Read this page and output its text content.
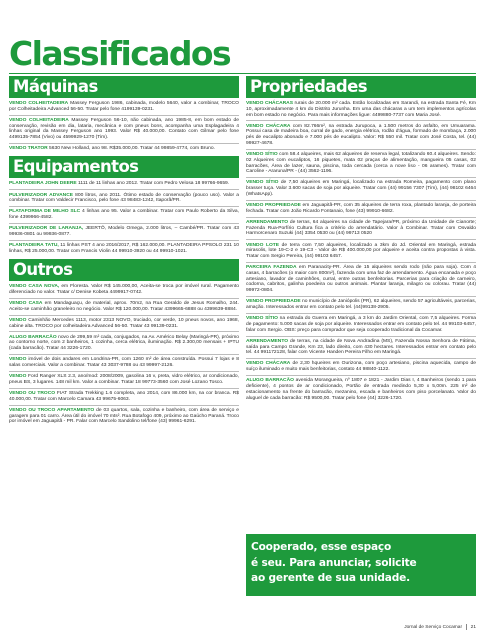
Classificados
Máquinas

VENDO COLHEITADEIRA Massey Ferguson 1986, cabinada, modelo 5640, valor a combinar, TROCO por Colheitadeira Advanced 56-50. Tratar pelo fone 4199139-0231.

VENDO COLHEITADEIRA Massey Ferguson 56-10, não cabinada, ano 1985-8, em bom estado de conservação, revisão em dia, lataria, mecânica e com pneus bons, acompanha uma Esplagadeira 4 linhas original da Massey Ferguson ano 1993. Valor R$ 40.000,00. Contato com Gilmar pelo fone 4499135-7854 (Vivo) ou 4599929-1270 (Tim).

VENDO TRATOR 5630 New Holland, ano 98. R$35.000,00. Tratar 44 99859-4774, com Bruno.

Equipamentos

PLANTADEIRA JOHN DEERE 1111 de 11 linhas ano 2012. Tratar com Pedro Velosa 18 99766-9659.

PULVERIZADOR ADVANCE 800 litros, ano 2011. Ótimo estado de conservação (pouco uso). Valor a combinar. Tratar com Valdecir Francisco, pelo fone 43 98483-1242, Itaporã/PR.

PLATAFORMA DE MILHO SLC 4 linhas ano 95. Valor a combinar. Tratar com Paulo Roberto da Silva, fone 4399966-4582.

PULVERIZADOR DE LARANJA, JEERTÔ, Modelo Omega, 2.000 litros, – Cambé/PR. Tratar com 43 99936-0801 ou 99936-0877.

PLANTADEIRA TATU, 11 linhas PST 4 ano 2016/2017, R$ 162.000,00. PLANTADEIRA PPSOLO 231 10 linhas, R$ 25.000,00. Tratar com Francis Violin 44 99910-3920 ou 44 99910-1021.

Outros

VENDO CASA NOVA, em Floresta. Valor R$ 145.000,00, Aceita-se troca por imóvel rural. Pagamento diferenciado no valor. Tratar c/ Denise Kobeta 4499917-0742.

VENDO CASA em Mandaguaçu, de material, aprox. 70m2, na Rua Geraldo de Jesus Romalho, 244. Aceito-se caminhão graneleiro no negócio. Valor R$ 120.000,00. Tratar 4399665-6888 ou 4399639-8884.

VENDO Caminhão Mercedes 1113, motor 2313 NOVO, truciado, cor verde, 10 pneus novos, ano 1968, cabine alta. TROCO por colheitadeira Advanced 56-50. Tratar 43 99139-0231.

ALUGO BARRACÃO novo de 299,59 m² cada, conjugados, na Av. Américo Belay (Maringá-PR), próximo ao contorno norte, com 2 banheiros, 1 cozinha, cerca elétrica, iluminação. R$ 2.300,00 mensais + IPTU (cada barracão). Tratar 44 3226-1720.

VENDO imóvel de dois andares em Londrina-PR, com 1260 m² de área construída. Possui 7 lojas e 8 salas comerciais. Valor a combinar. Tratar 43 3037-9788 ou 43 99997-2126.

VENDO Ford Ranger XLS 2.3, ano/mod: 2008/2009, gasolina 16 v, preta, vidro elétrico, ar condicionado, pneus BS, 3 lugares. 148 mil km. Valor a combinar. Tratar 18 99773-3560 com José Lozano Tosco.

VENDO OU TROCO FIAT Strada Trekking 1.6 completa, ano 2014, com 86.000 km, na cor branca. R$ 40.000,00. Tratar com Marcelo Camara 43 99675-6063.

VENDO OU TROCO APARTAMENTO de 03 quartos, sala, cozinha e banheiro, com área de serviço e garagem para 01 carro. Área útil do imóvel 70 mts². Rua Botafogo 409, próximo ao Gaúcho Paraná. Troco por imóvel em Jaguapitã - PR. Falar com Marcelo Sandolino tel/fone (43) 99961-6291.

Propriedades

VENDO CHÁCARAS rurais de 20.000 m² cada. Estão localizadas em Sarandi, na estrada Santa Fé, Km 10, aproximadamente 4 km do Distrito Jurunha. Em uma das chácaras a um tem implementos agrícolas em bom estado no negócio. Para mais informações ligue: 4499880-7737 com Maria José.

VENDO CHÁCARA com 82.766m², na estrada Jurupoca, a 1.500 metros do asfalto, em Umuarama. Possui casa de madeira boa, curral de gado, energia elétrica, rodão d'água, formado de mombaça, 2.000 pés de eucalipto abonado e 7.000 pés de eucalipto. Valor: R$ 550 mil. Tratar com José Costa, tel. (44) 99927-4678.

VENDO SÍTIO com 58.4 alqueires, mais 62 alqueires de reserva legal, totalizando 60.4 alqueires. Sendo: 02 Alqueires com eucaliptos, 16 piquetes, mata 02 praças de alimentação, mangueira 05 casas, 02 barracões, Área de lazer, sauna, piscina, toda cercada (cerca a nove liso - 06 arames). Tratar com Caroline - Araruna/PR - (44) 3562-1196.

VENDO SÍTIO de 7,50 alqueires em Maringá, localizado na estrada Romeira, pagamento com plano brasser tuça. Valor 3.600 sacas de soja por alqueire. Tratar com (44) 99156 7307 (Tim), (44) 98102 6464 (WhatsApp).

VENDO PROPRIEDADE em Jaguapitã-PR, com 35 alqueires de terra roxa, plantado laranja, de porteira fechada. Tratar com João Ricardo Fontanaio, fone (43) 99910-6682.

ARRENDAMENTO de terras, 64 alqueires na cidade de Tapejara/PR, próximo da Unidade de Cianorte; Fazenda Rua-Porfírio Cultura fica a critério do arrendatário. Valor à Combinar. Tratar com Osvaldo Harmorcenaro Suzuki (44) 3354 0530 ou (44) 99713 0520

VENDO LOTE de terra com 7,50 alqueires, localizado a 3km do Jd. Oriental em Maringá, estrada mirasolis, lote 19-C-2 e 19-C3 - Valor de R$ 400.000,00 por alqueire e aceita contra propostas à vista. Tratar com Sergio Pereira, (44) 99103 6457.

PARCEIRA FAZENDA em Paranacity-PR. Área de 15 alqueires sendo rodo (não para soja). Com 4 casas, 4 barracões (o maior com 800m²), fazenda com uma faz de arrendamento. Água encanada e poço artesiano, lavador de caminhões, curral, entre outras benfeitorias. Parcerias para criação de carneiro, codorna, cabritos, galinha poedeira ou outros animais. Plantar laranja, milagro ou colorau. Tratar (44) 99972-0804.

VENDO PROPRIEDADE no município de Janiópolis (PR), 62 alqueires, sendo 57 agricultáveis, parcerias, amação. Interessados entrar em contato pelo tel. (44)99138-2905.

VENDO SÍTIO na estrada do Guerra em Maringá, a 3 km do Jardim Oriental, com 7,5 alqueires. Forma de pagamento: 5.000 sacas de soja por alqueire. Interessados entrar em contato pelo tel. 44 99103-6457, falar com Sergio. OBS: preço para comprador que seja cooperado tradicional da Cocamar.

ARRENDAMENTO de terras, na cidade de Nova Andradina (MS), Fazenda Nossa Senhora de Fátima, saída para Campo Grande, Km 23, lado direito, com 430 hectares. Interessados entrar em contato pelo tel. 44 991172128, falar com Vicente Handen Pereira Filho em Maringá.

VENDO CHÁCARA de 2,30 hqueires em Ourizona, com poço artesiano, piscina aquecida, campo de suíço iluminado e muito mais benfeitorias, contato 44 98840-1122.

ALUGO BARRACÃO avenida Morangueira, nº 1807 e 1821 - Jardim Dias I, 4 Banheiros (sendo 1 para deficiente), 4 pontos de ar condicionado, Portão de entrada medindo 5,30 x 5,00m. 225 m² de estacionamento na frente do barracão, mezanino, escada e banheiros com piso porcelanato. Valor do aluguel de cada barracão: R$ 9500,00. Tratar pelo fone (44) 3226-1720.

Cooperado, esse espaço
é seu. Para anunciar, solicite
ao gerente de sua unidade.
Jornal de Serviço Cocamar 21
